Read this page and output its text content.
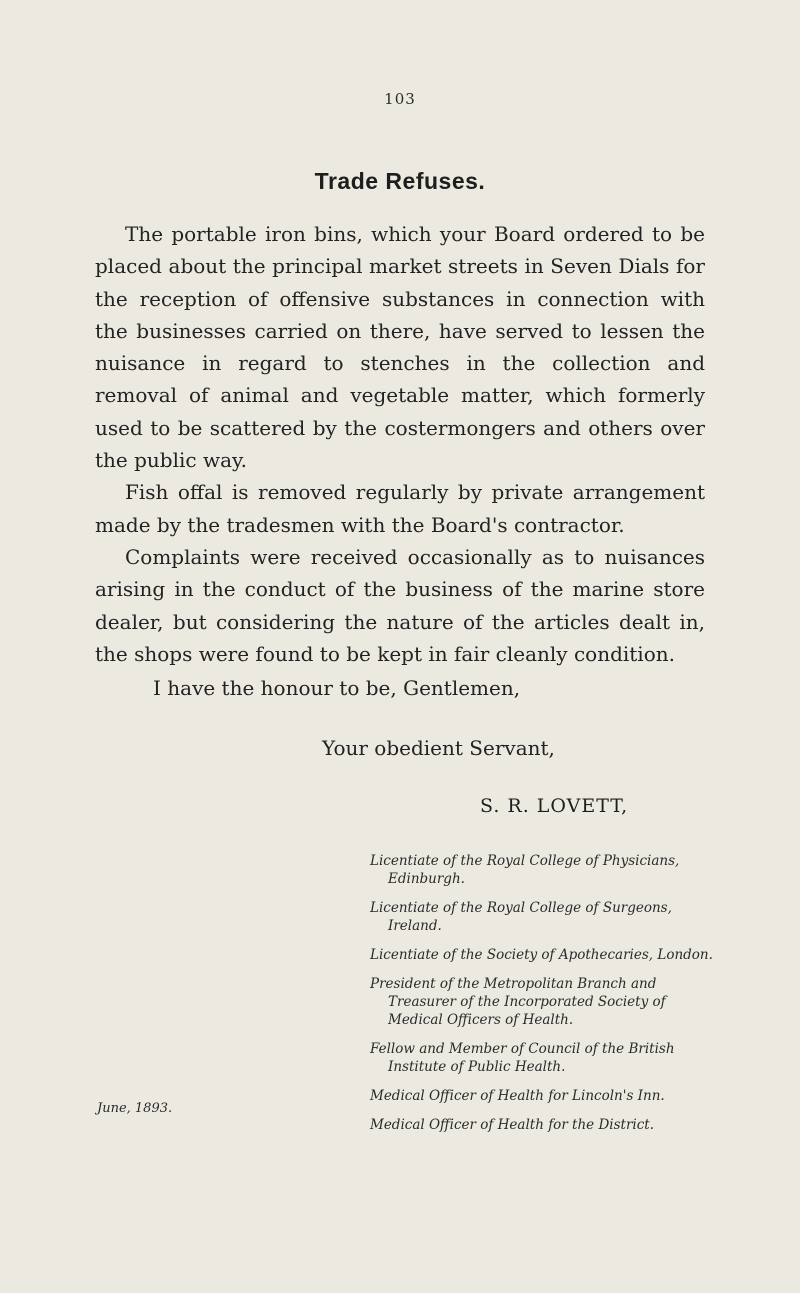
103
Trade Refuses.

The portable iron bins, which your Board ordered to be placed about the principal market streets in Seven Dials for the reception of offensive substances in connection with the businesses carried on there, have served to lessen the nuisance in regard to stenches in the collection and removal of animal and vegetable matter, which formerly used to be scattered by the costermongers and others over the public way.

Fish offal is removed regularly by private arrangement made by the tradesmen with the Board's contractor.

Complaints were received occasionally as to nuisances arising in the conduct of the business of the marine store dealer, but considering the nature of the articles dealt in, the shops were found to be kept in fair cleanly condition.

I have the honour to be, Gentlemen,
Your obedient Servant,
S. R. LOVETT,
Licentiate of the Royal College of Physicians, Edinburgh.
Licentiate of the Royal College of Surgeons, Ireland.
Licentiate of the Society of Apothecaries, London.
President of the Metropolitan Branch and Treasurer of the Incorporated Society of Medical Officers of Health.
Fellow and Member of Council of the British Institute of Public Health.
Medical Officer of Health for Lincoln's Inn.
Medical Officer of Health for the District.
June, 1893.
